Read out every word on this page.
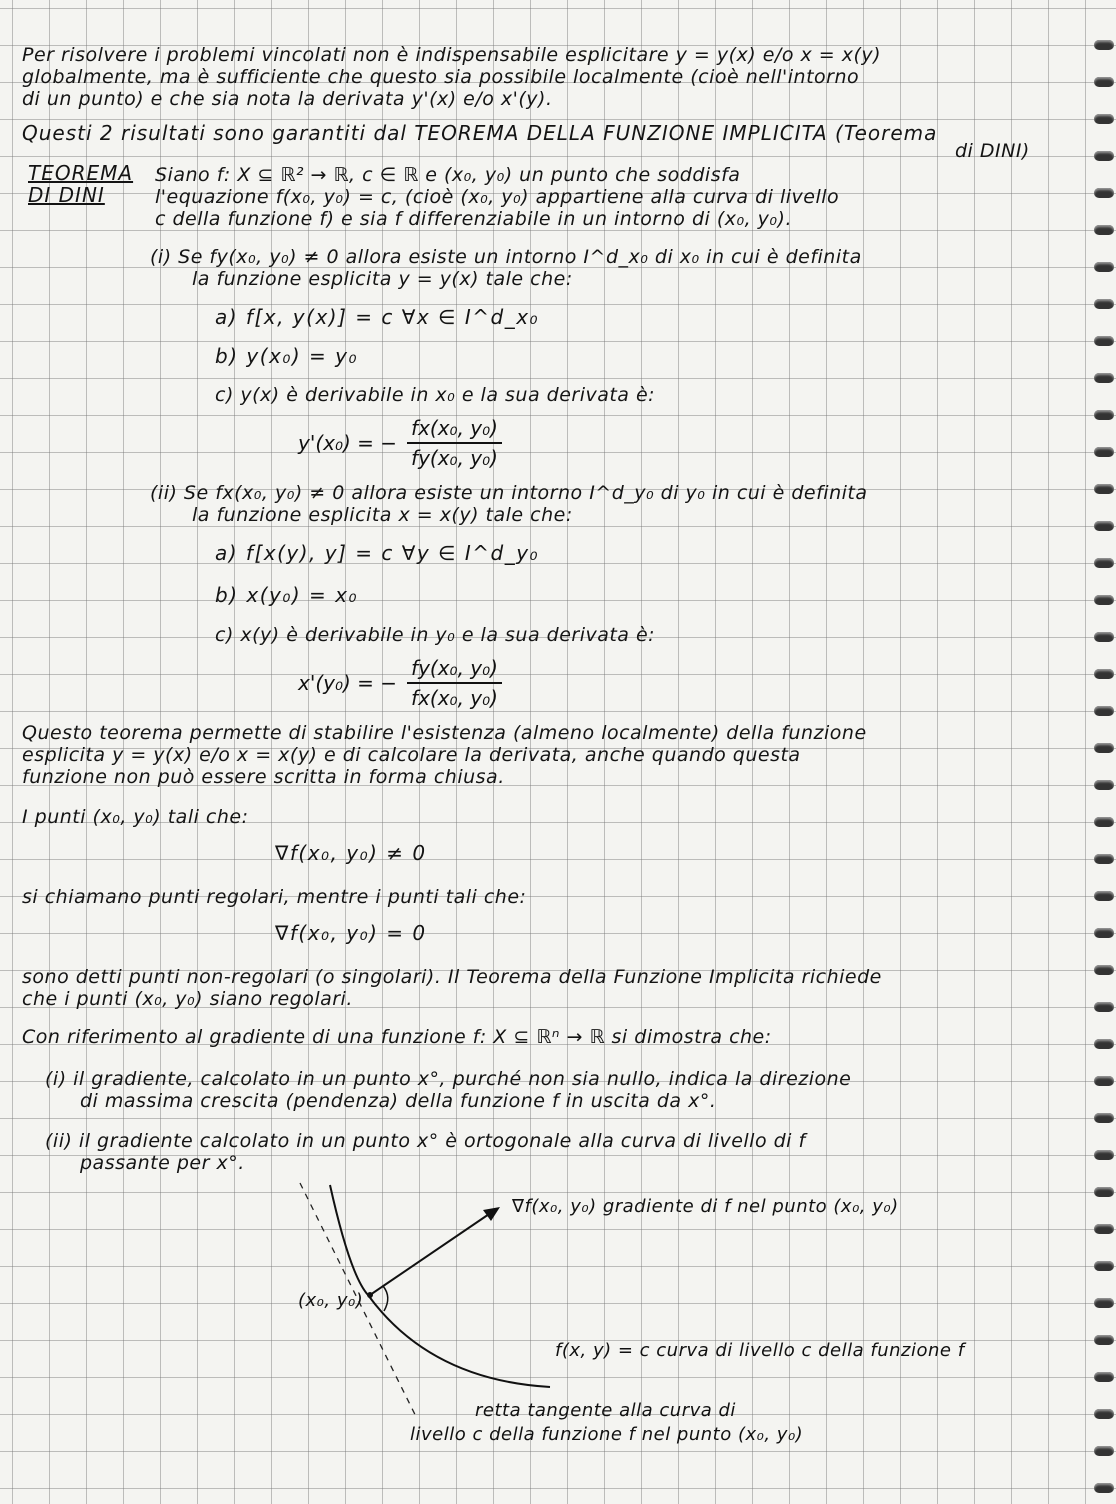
Per risolvere i problemi vincolati non è indispensabile esplicitare y = y(x) e/o x = x(y)
globalmente, ma è sufficiente che questo sia possibile localmente (cioè nell'intorno
di un punto) e che sia nota la derivata y'(x) e/o x'(y).
Questi 2 risultati sono garantiti dal TEOREMA DELLA FUNZIONE IMPLICITA (Teorema
di DINI)
TEOREMA
DI DINI
Siano f: X ⊆ ℝ² → ℝ, c ∈ ℝ e (x₀, y₀) un punto che soddisfa
l'equazione f(x₀, y₀) = c, (cioè (x₀, y₀) appartiene alla curva di livello
c della funzione f) e sia f differenziabile in un intorno di (x₀, y₀).
(i) Se fy(x₀, y₀) ≠ 0 allora esiste un intorno I^d_x₀ di x₀ in cui è definita
la funzione esplicita y = y(x) tale che:
a) f[x, y(x)] = c ∀x ∈ I^d_x₀
b) y(x₀) = y₀
c) y(x) è derivabile in x₀ e la sua derivata è:
y'(x₀) = − $\frac{\text{fx(x₀, y₀)}}{\text{fy(x₀, y₀)}}$
(ii) Se fx(x₀, y₀) ≠ 0 allora esiste un intorno I^d_y₀ di y₀ in cui è definita
la funzione esplicita x = x(y) tale che:
a) f[x(y), y] = c ∀y ∈ I^d_y₀
b) x(y₀) = x₀
c) x(y) è derivabile in y₀ e la sua derivata è:
x'(y₀) = − $\frac{\text{fy(x₀, y₀)}}{\text{fx(x₀, y₀)}}$
Questo teorema permette di stabilire l'esistenza (almeno localmente) della funzione
esplicita y = y(x) e/o x = x(y) e di calcolare la derivata, anche quando questa
funzione non può essere scritta in forma chiusa.
I punti (x₀, y₀) tali che:
∇f(x₀, y₀) ≠ 0
si chiamano punti regolari, mentre i punti tali che:
∇f(x₀, y₀) = 0
sono detti punti non-regolari (o singolari). Il Teorema della Funzione Implicita richiede
che i punti (x₀, y₀) siano regolari.
Con riferimento al gradiente di una funzione f: X ⊆ ℝⁿ → ℝ si dimostra che:
(i) il gradiente, calcolato in un punto x°, purché non sia nullo, indica la direzione
di massima crescita (pendenza) della funzione f in uscita da x°.
(ii) il gradiente calcolato in un punto x° è ortogonale alla curva di livello di f
passante per x°.
∇f(x₀, y₀) gradiente di f nel punto (x₀, y₀)
(x₀, y₀)
f(x, y) = c curva di livello c della funzione f
retta tangente alla curva di
livello c della funzione f nel punto (x₀, y₀)
